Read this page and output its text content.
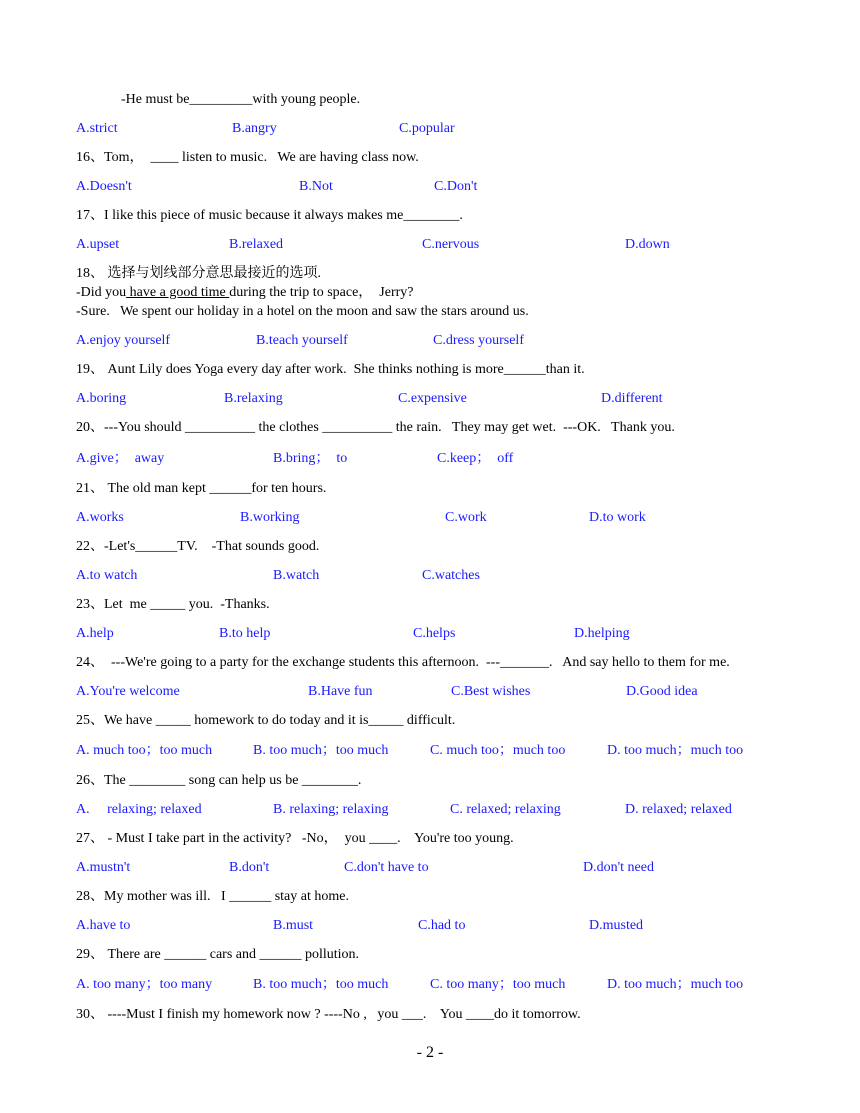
-He must be_________with young people.
A.strict	B.angry	C.popular
16、Tom，  ____ listen to music.   We are having class now.
A.Doesn't	B.Not	C.Don't
17、I like this piece of music because it always makes me________.
A.upset	B.relaxed	C.nervous	D.down
18、 选择与划线部分意思最接近的选项.
-Did you have a good time during the trip to space，  Jerry?
-Sure.   We spent our holiday in a hotel on the moon and saw the stars around us.
A.enjoy yourself	B.teach yourself	C.dress yourself
19、 Aunt Lily does Yoga every day after work.  She thinks nothing is more______than it.
A.boring	B.relaxing	C.expensive	D.different
20、---You should __________ the clothes __________ the rain.   They may get wet.  ---OK.   Thank you.
A.give；  away	B.bring；  to	C.keep；  off
21、 The old man kept ______for ten hours.
A.works	B.working	C.work	D.to work
22、-Let's______TV.    -That sounds good.
A.to watch	B.watch	C.watches
23、Let  me _____ you.  -Thanks.
A.help	B.to help	C.helps	D.helping
24、  ---We're going to a party for the exchange students this afternoon.  ---_______.   And say hello to them for me.
A.You're welcome	B.Have fun	C.Best wishes	D.Good idea
25、We have _____ homework to do today and it is_____ difficult.
A. much too；too much	B. too much；too much	C. much too；much too	D. too much；much too
26、The ________ song can help us be ________.
A.     relaxing; relaxed	B. relaxing; relaxing	C. relaxed; relaxing	D. relaxed; relaxed
27、 - Must I take part in the activity?   -No，  you ____.    You're too young.
A.mustn't	B.don't	C.don't have to	D.don't need
28、My mother was ill.   I ______ stay at home.
A.have to	B.must	C.had to	D.musted
29、 There are ______ cars and ______ pollution.
A. too many；too many	B. too much；too much	C. too many；too much	D. too much；much too
30、 ----Must I finish my homework now ? ----No ,   you ___.    You ____do it tomorrow.
- 2 -
